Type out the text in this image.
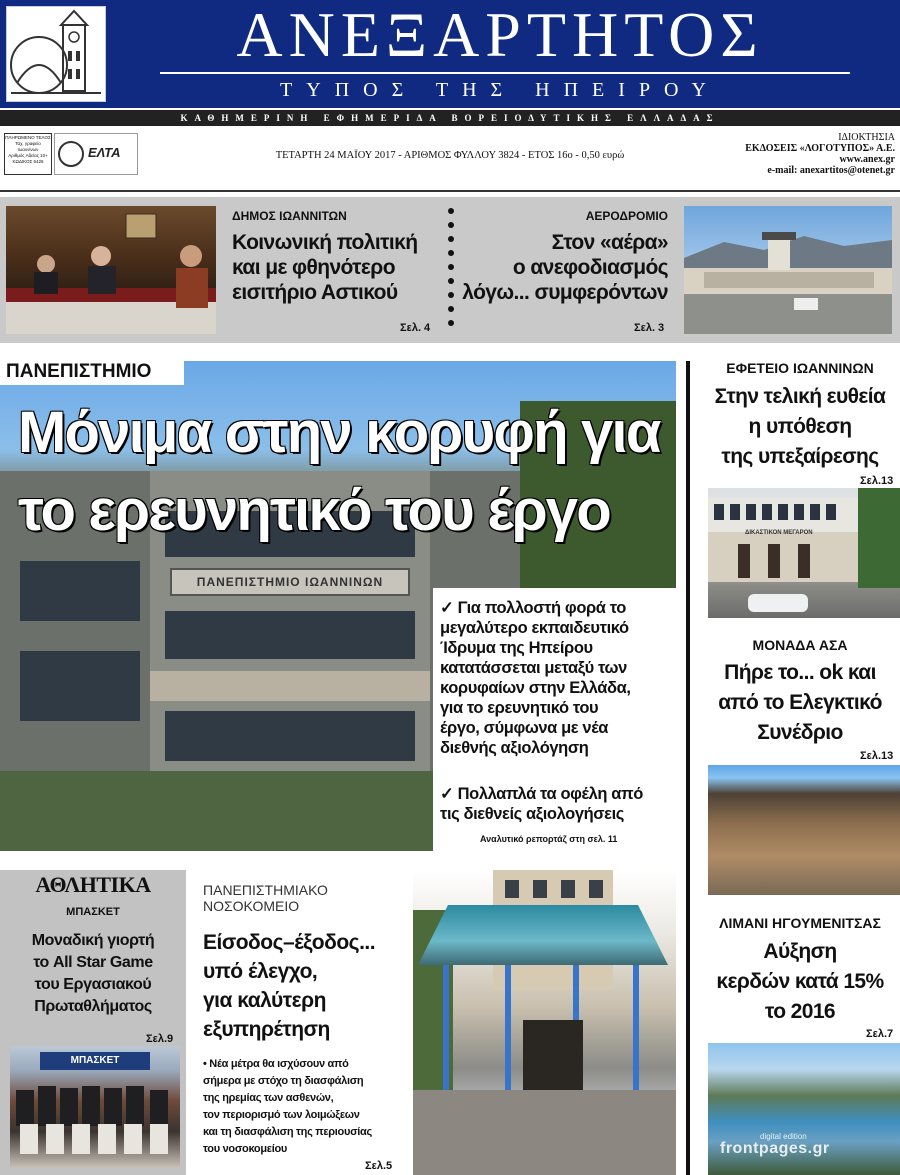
ΑΝΕΞΑΡΤΗΤΟΣ
ΤΥΠΟΣ ΤΗΣ ΗΠΕΙΡΟΥ
ΚΑΘΗΜΕΡΙΝΗ ΕΦΗΜΕΡΙΔΑ ΒΟΡΕΙΟΔΥΤΙΚΗΣ ΕΛΛΑΔΑΣ
ΠΛΗΡΩΜΕΝΟ ΤΕΛΟΣ
Ταχ. γραφείο
Ιωαννίνων
Αριθμός Αδείας 10+
ΚΩΔΙΚΟΣ 6426
ΕΛΤΑ	ΤΕΤΑΡΤΗ 24 ΜΑΪΟΥ 2017 - ΑΡΙΘΜΟΣ ΦΥΛΛΟΥ 3824 - ΕΤΟΣ 16ο - 0,50 ευρώ
ΙΔΙΟΚΤΗΣΙΑ
ΕΚΔΟΣΕΙΣ «ΛΟΓΟΤΥΠΟΣ» Α.Ε.
www.anex.gr
e-mail: anexartitos@otenet.gr
ΔΗΜΟΣ ΙΩΑΝΝΙΤΩΝ
Κοινωνική πολιτική
και με φθηνότερο
εισιτήριο Αστικού
Σελ. 4
ΑΕΡΟΔΡΟΜΙΟ
Στον «αέρα»
ο ανεφοδιασμός
λόγω... συμφερόντων
Σελ. 3
ΠΑΝΕΠΙΣΤΗΜΙΟ ΙΩΑΝΝΙΝΩΝ
ΠΑΝΕΠΙΣΤΗΜΙΟ
Μόνιμα στην κορυφή για
το ερευνητικό του έργο
✓ Για πολλοστή φορά το
μεγαλύτερο εκπαιδευτικό
Ίδρυμα της Ηπείρου
κατατάσσεται μεταξύ των
κορυφαίων στην Ελλάδα,
για το ερευνητικό του
έργο, σύμφωνα με νέα
διεθνής αξιολόγηση
✓ Πολλαπλά τα οφέλη από
τις διεθνείς αξιολογήσεις
Αναλυτικό ρεπορτάζ στη σελ. 11
ΕΦΕΤΕΙΟ ΙΩΑΝΝΙΝΩΝ
Στην τελική ευθεία
η υπόθεση
της υπεξαίρεσης
Σελ.13
ΔΙΚΑΣΤΙΚΟΝ ΜΕΓΑΡΟΝ
ΜΟΝΑΔΑ ΑΣΑ
Πήρε το... ok και
από το Ελεγκτικό
Συνέδριο
Σελ.13
ΛΙΜΑΝΙ ΗΓΟΥΜΕΝΙΤΣΑΣ
Αύξηση
κερδών κατά 15%
το 2016
Σελ.7
ΑΘΛΗΤΙΚΑ
ΜΠΑΣΚΕΤ
Μοναδική γιορτή
το All Star Game
του Εργασιακού
Πρωταθλήματος
Σελ.9
ΜΠΑΣΚΕΤ
ΠΑΝΕΠΙΣΤΗΜΙΑΚΟ
ΝΟΣΟΚΟΜΕΙΟ
Είσοδος–έξοδος...
υπό έλεγχο,
για καλύτερη
εξυπηρέτηση
• Νέα μέτρα θα ισχύσουν από
σήμερα με στόχο τη διασφάλιση
της ηρεμίας των ασθενών,
τον περιορισμό των λοιμώξεων
και τη διασφάλιση της περιουσίας
του νοσοκομείου
Σελ.5
digital edition
frontpages.gr
